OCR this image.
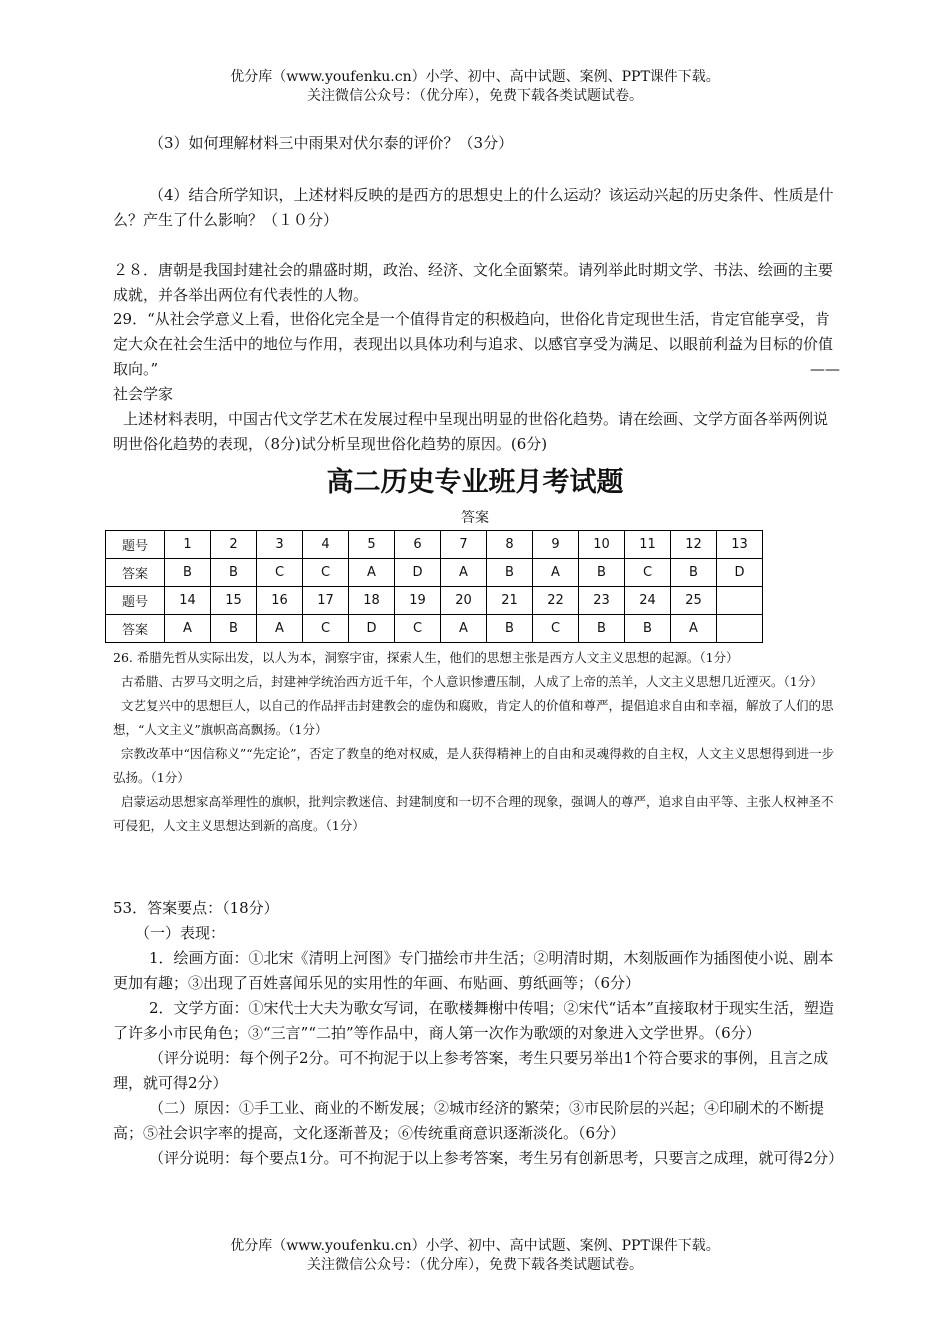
优分库（www.youfenku.cn）小学、初中、高中试题、案例、PPT课件下载。
关注微信公众号：（优分库），免费下载各类试题试卷。

（3）如何理解材料三中雨果对伏尔泰的评价？（3分）

（4）结合所学知识，上述材料反映的是西方的思想史上的什么运动？该运动兴起的历史条件、性质是什么？产生了什么影响？（１０分）

２８．唐朝是我国封建社会的鼎盛时期，政治、经济、文化全面繁荣。请列举此时期文学、书法、绘画的主要成就，并各举出两位有代表性的人物。

29．“从社会学意义上看，世俗化完全是一个值得肯定的积极趋向，世俗化肯定现世生活，肯定官能享受，肯定大众在社会生活中的地位与作用，表现出以具体功利与追求、以感官享受为满足、以眼前利益为目标的价值取向。”	——

社会学家

上述材料表明，中国古代文学艺术在发展过程中呈现出明显的世俗化趋势。请在绘画、文学方面各举两例说明世俗化趋势的表现，（8分)试分析呈现世俗化趋势的原因。(6分)

高二历史专业班月考试题
答案
题号	1	2	3	4	5	6	7	8	9	10	11	12	13
答案	B	B	C	C	A	D	A	B	A	B	C	B	D
题号	14	15	16	17	18	19	20	21	22	23	24	25	
答案	A	B	A	C	D	C	A	B	C	B	B	A	
26. 希腊先哲从实际出发，以人为本，洞察宇宙，探索人生，他们的思想主张是西方人文主义思想的起源。（1分）
古希腊、古罗马文明之后，封建神学统治西方近千年，个人意识惨遭压制，人成了上帝的羔羊，人文主义思想几近湮灭。（1分）
文艺复兴中的思想巨人，以自己的作品抨击封建教会的虚伪和腐败，肯定人的价值和尊严，提倡追求自由和幸福，解放了人们的思想，“人文主义”旗帜高高飘扬。（1分）
宗教改革中“因信称义”“先定论”，否定了教皇的绝对权威，是人获得精神上的自由和灵魂得救的自主权，人文主义思想得到进一步弘扬。（1分）
启蒙运动思想家高举理性的旗帜，批判宗教迷信、封建制度和一切不合理的现象，强调人的尊严，追求自由平等、主张人权神圣不可侵犯，人文主义思想达到新的高度。（1分）
53．答案要点：（18分）
（一）表现：
1．绘画方面：①北宋《清明上河图》专门描绘市井生活；②明清时期，木刻版画作为插图使小说、剧本更加有趣；③出现了百姓喜闻乐见的实用性的年画、布贴画、剪纸画等；（6分）
2．文学方面：①宋代士大夫为歌女写词，在歌楼舞榭中传唱；②宋代“话本”直接取材于现实生活，塑造了许多小市民角色；③“三言”“二拍”等作品中，商人第一次作为歌颂的对象进入文学世界。（6分）
（评分说明：每个例子2分。可不拘泥于以上参考答案，考生只要另举出1个符合要求的事例，且言之成理，就可得2分）
（二）原因：①手工业、商业的不断发展；②城市经济的繁荣；③市民阶层的兴起；④印刷术的不断提高；⑤社会识字率的提高，文化逐渐普及；⑥传统重商意识逐渐淡化。（6分）
（评分说明：每个要点1分。可不拘泥于以上参考答案，考生另有创新思考，只要言之成理，就可得2分）
优分库（www.youfenku.cn）小学、初中、高中试题、案例、PPT课件下载。
关注微信公众号：（优分库），免费下载各类试题试卷。
